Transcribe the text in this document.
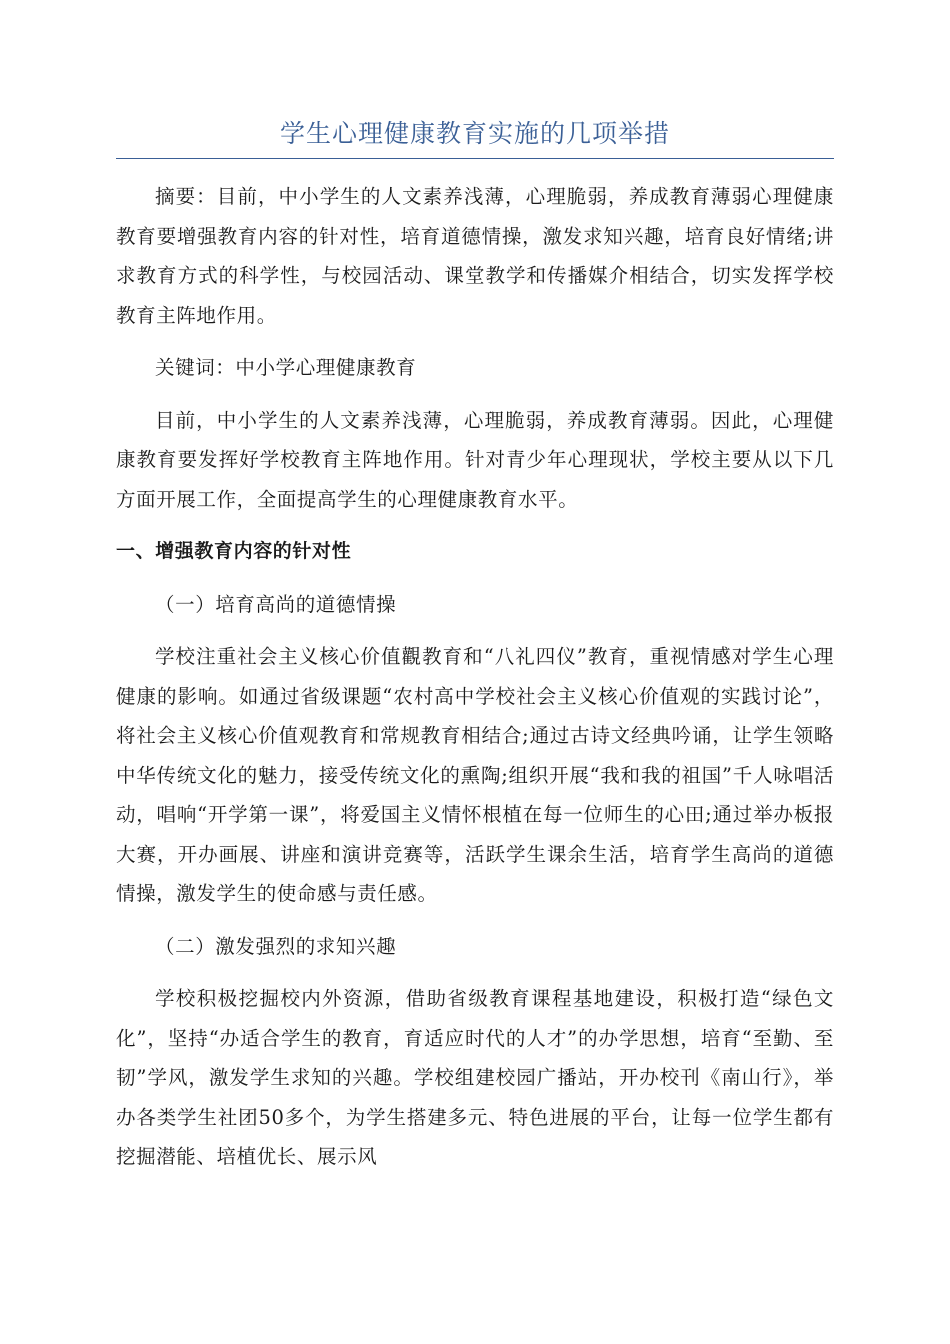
学生心理健康教育实施的几项举措

摘要：目前，中小学生的人文素养浅薄，心理脆弱，养成教育薄弱心理健康教育要增强教育内容的针对性，培育道德情操，激发求知兴趣，培育良好情绪;讲求教育方式的科学性，与校园活动、课堂教学和传播媒介相结合，切实发挥学校教育主阵地作用。

关键词：中小学心理健康教育

目前，中小学生的人文素养浅薄，心理脆弱，养成教育薄弱。因此，心理健康教育要发挥好学校教育主阵地作用。针对青少年心理现状，学校主要从以下几方面开展工作，全面提高学生的心理健康教育水平。

一、增强教育内容的针对性

（一）培育高尚的道德情操

学校注重社会主义核心价值觀教育和“八礼四仪”教育，重视情感对学生心理健康的影响。如通过省级课题“农村高中学校社会主义核心价值观的实践讨论”，将社会主义核心价值观教育和常规教育相结合;通过古诗文经典吟诵，让学生领略中华传统文化的魅力，接受传统文化的熏陶;组织开展“我和我的祖国”千人咏唱活动，唱响“开学第一课”，将爱国主义情怀根植在每一位师生的心田;通过举办板报大赛，开办画展、讲座和演讲竞赛等，活跃学生课余生活，培育学生高尚的道德情操，激发学生的使命感与责任感。

（二）激发强烈的求知兴趣

学校积极挖掘校内外资源，借助省级教育课程基地建设，积极打造“绿色文化”，坚持“办适合学生的教育，育适应时代的人才”的办学思想，培育“至勤、至韧”学风，激发学生求知的兴趣。学校组建校园广播站，开办校刊《南山行》，举办各类学生社团50多个，为学生搭建多元、特色进展的平台，让每一位学生都有挖掘潜能、培植优长、展示风
